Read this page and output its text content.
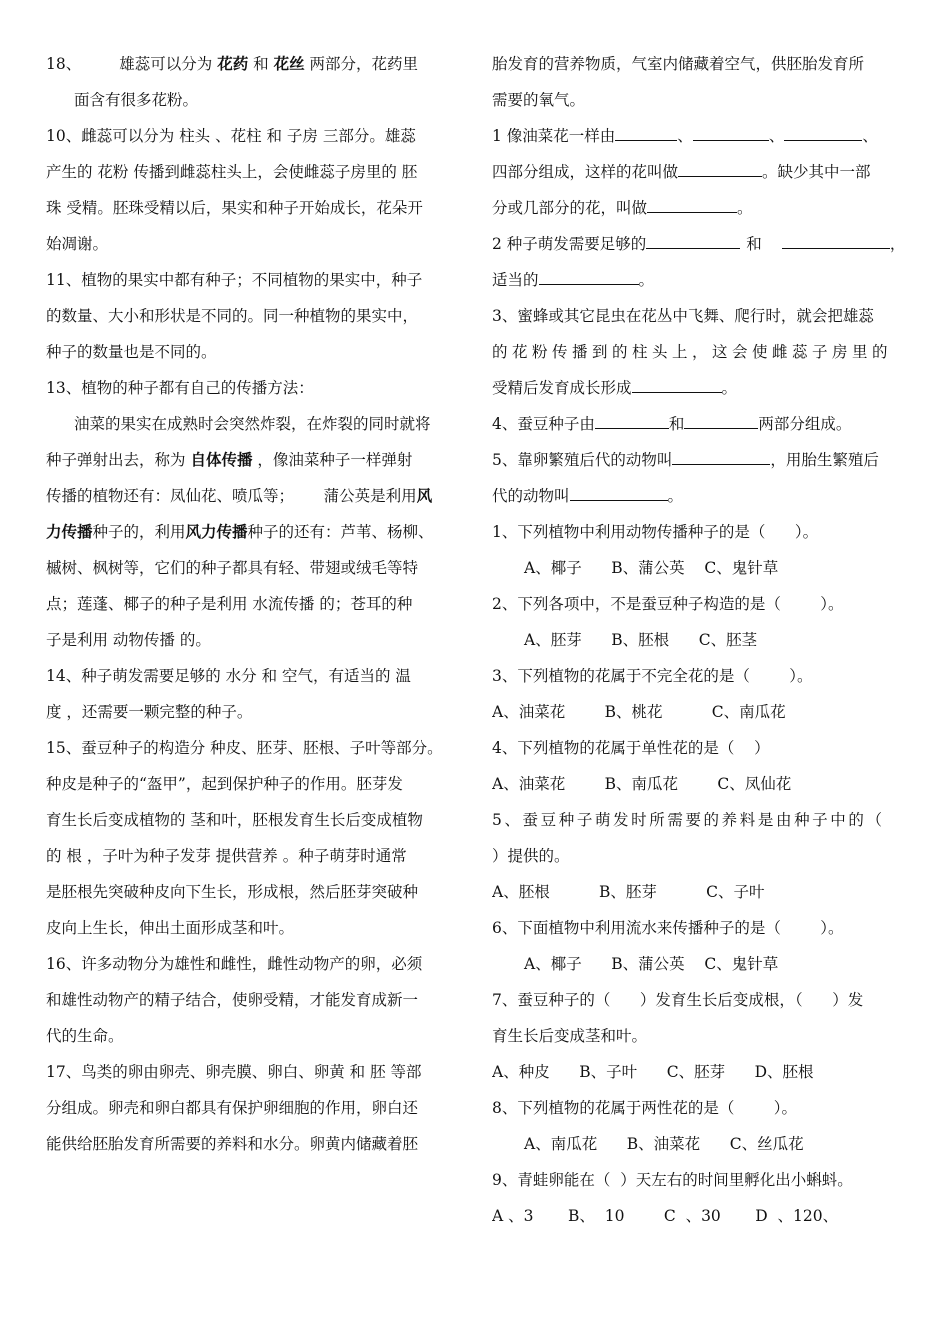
18、 雄蕊可以分为 花药 和 花丝 两部分，花药里
面含有很多花粉。
10、雌蕊可以分为 柱头 、花柱 和 子房 三部分。雄蕊
产生的 花粉 传播到雌蕊柱头上，会使雌蕊子房里的 胚
珠 受精。胚珠受精以后，果实和种子开始成长，花朵开
始凋谢。
11、植物的果实中都有种子；不同植物的果实中，种子
的数量、大小和形状是不同的。同一种植物的果实中，
种子的数量也是不同的。
13、植物的种子都有自己的传播方法：
油菜的果实在成熟时会突然炸裂，在炸裂的同时就将
种子弹射出去，称为 自体传播 ，像油菜种子一样弹射
传播的植物还有：凤仙花、喷瓜等；      蒲公英是利用风
力传播种子的，利用风力传播种子的还有：芦苇、杨柳、
槭树、枫树等，它们的种子都具有轻、带翅或绒毛等特
点；莲蓬、椰子的种子是利用 水流传播 的；苍耳的种
子是利用 动物传播 的。
14、种子萌发需要足够的 水分 和 空气，有适当的 温
度 ，还需要一颗完整的种子。
15、蚕豆种子的构造分 种皮、胚芽、胚根、子叶等部分。
种皮是种子的“盔甲”，起到保护种子的作用。胚芽发
育生长后变成植物的 茎和叶，胚根发育生长后变成植物
的 根 ，子叶为种子发芽 提供营养 。种子萌芽时通常
是胚根先突破种皮向下生长，形成根，然后胚芽突破种
皮向上生长，伸出土面形成茎和叶。
16、许多动物分为雄性和雌性，雌性动物产的卵，必须
和雄性动物产的精子结合，使卵受精，才能发育成新一
代的生命。
17、鸟类的卵由卵壳、卵壳膜、卵白、卵黄 和 胚 等部
分组成。卵壳和卵白都具有保护卵细胞的作用，卵白还
能供给胚胎发育所需要的养料和水分。卵黄内储藏着胚
胎发育的营养物质，气室内储藏着空气，供胚胎发育所
需要的氧气。
1 像油菜花一样由	、	、	、
四部分组成，这样的花叫做	。缺少其中一部
分或几部分的花，叫做	。
2 种子萌发需要足够的	和	，
适当的	。
3、蜜蜂或其它昆虫在花丛中飞舞、爬行时，就会把雄蕊
的花粉传播到的柱头上，这会使雌蕊子房里的
受精后发育成长形成	。
4、蚕豆种子由	和	两部分组成。
5、靠卵繁殖后代的动物叫	，用胎生繁殖后
代的动物叫	。
1、下列植物中利用动物传播种子的是（      ）。
A、椰子      B、蒲公英    C、鬼针草
2、下列各项中，不是蚕豆种子构造的是（        ）。
A、胚芽      B、胚根      C、胚茎
3、下列植物的花属于不完全花的是（        ）。
A、油菜花        B、桃花          C、南瓜花
4、下列植物的花属于单性花的是（    ）
A、油菜花        B、南瓜花        C、凤仙花
5、蚕豆种子萌发时所需要的养料是由种子中的（
）提供的。
A、胚根          B、胚芽          C、子叶
6、下面植物中利用流水来传播种子的是（        ）。
A、椰子      B、蒲公英    C、鬼针草
7、蚕豆种子的（      ）发育生长后变成根，（      ）发
育生长后变成茎和叶。
A、种皮      B、子叶      C、胚芽      D、胚根
8、下列植物的花属于两性花的是（        ）。
A、南瓜花      B、油菜花      C、丝瓜花
9、青蛙卵能在（  ）天左右的时间里孵化出小蝌蚪。
A 、3       B、  10        C  、30       D  、120、
